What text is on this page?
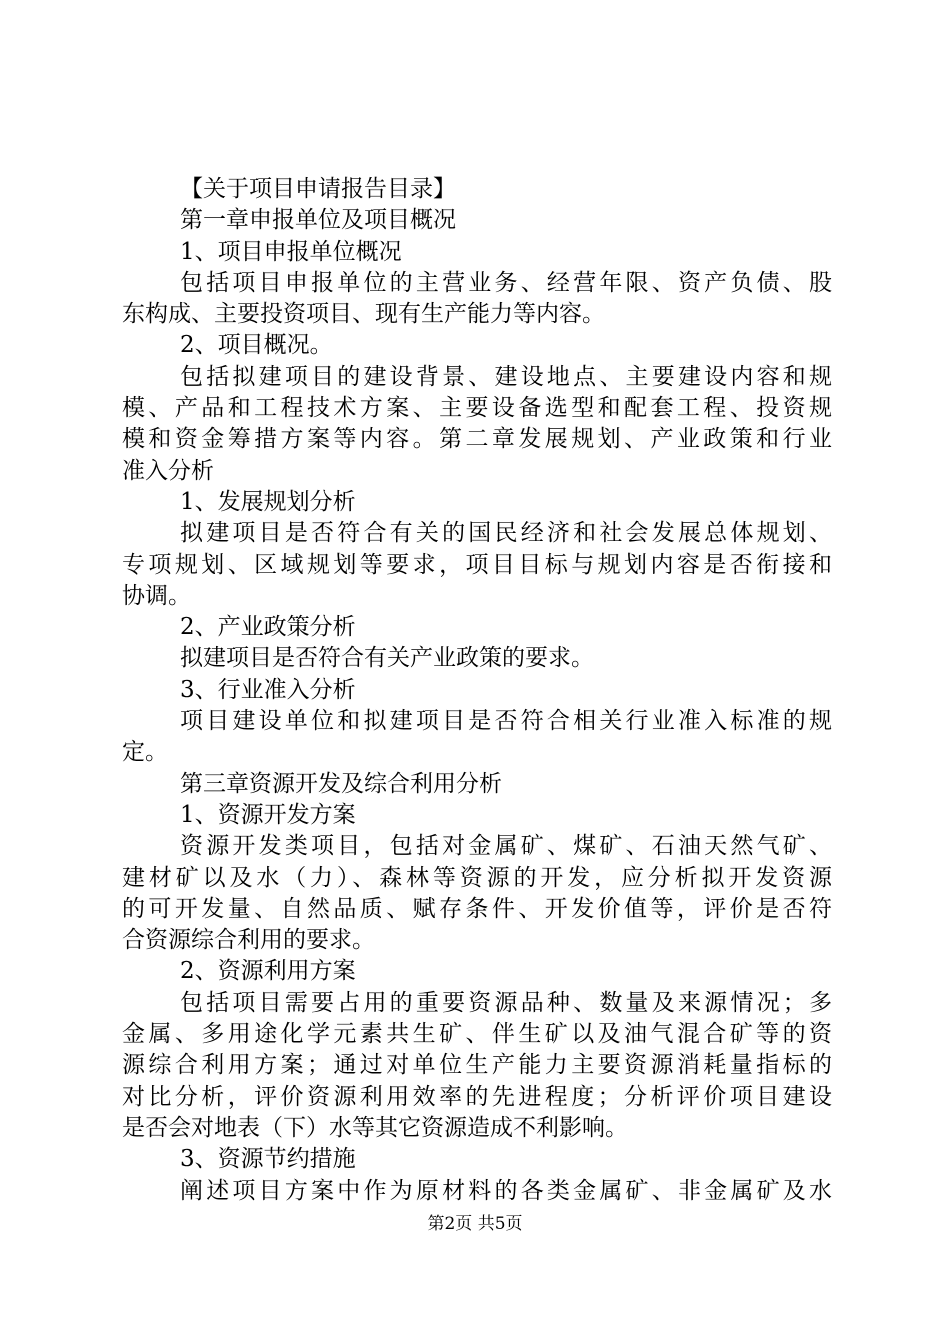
【关于项目申请报告目录】
第一章申报单位及项目概况
1、项目申报单位概况
包括项目申报单位的主营业务、经营年限、资产负债、股
东构成、主要投资项目、现有生产能力等内容。
2、项目概况。
包括拟建项目的建设背景、建设地点、主要建设内容和规
模、产品和工程技术方案、主要设备选型和配套工程、投资规
模和资金筹措方案等内容。第二章发展规划、产业政策和行业
准入分析
1、发展规划分析
拟建项目是否符合有关的国民经济和社会发展总体规划、
专项规划、区域规划等要求，项目目标与规划内容是否衔接和
协调。
2、产业政策分析
拟建项目是否符合有关产业政策的要求。
3、行业准入分析
项目建设单位和拟建项目是否符合相关行业准入标准的规
定。
第三章资源开发及综合利用分析
1、资源开发方案
资源开发类项目，包括对金属矿、煤矿、石油天然气矿、
建材矿以及水（力）、森林等资源的开发，应分析拟开发资源
的可开发量、自然品质、赋存条件、开发价值等，评价是否符
合资源综合利用的要求。
2、资源利用方案
包括项目需要占用的重要资源品种、数量及来源情况；多
金属、多用途化学元素共生矿、伴生矿以及油气混合矿等的资
源综合利用方案；通过对单位生产能力主要资源消耗量指标的
对比分析，评价资源利用效率的先进程度；分析评价项目建设
是否会对地表（下）水等其它资源造成不利影响。
3、资源节约措施
阐述项目方案中作为原材料的各类金属矿、非金属矿及水
第2页 共5页
